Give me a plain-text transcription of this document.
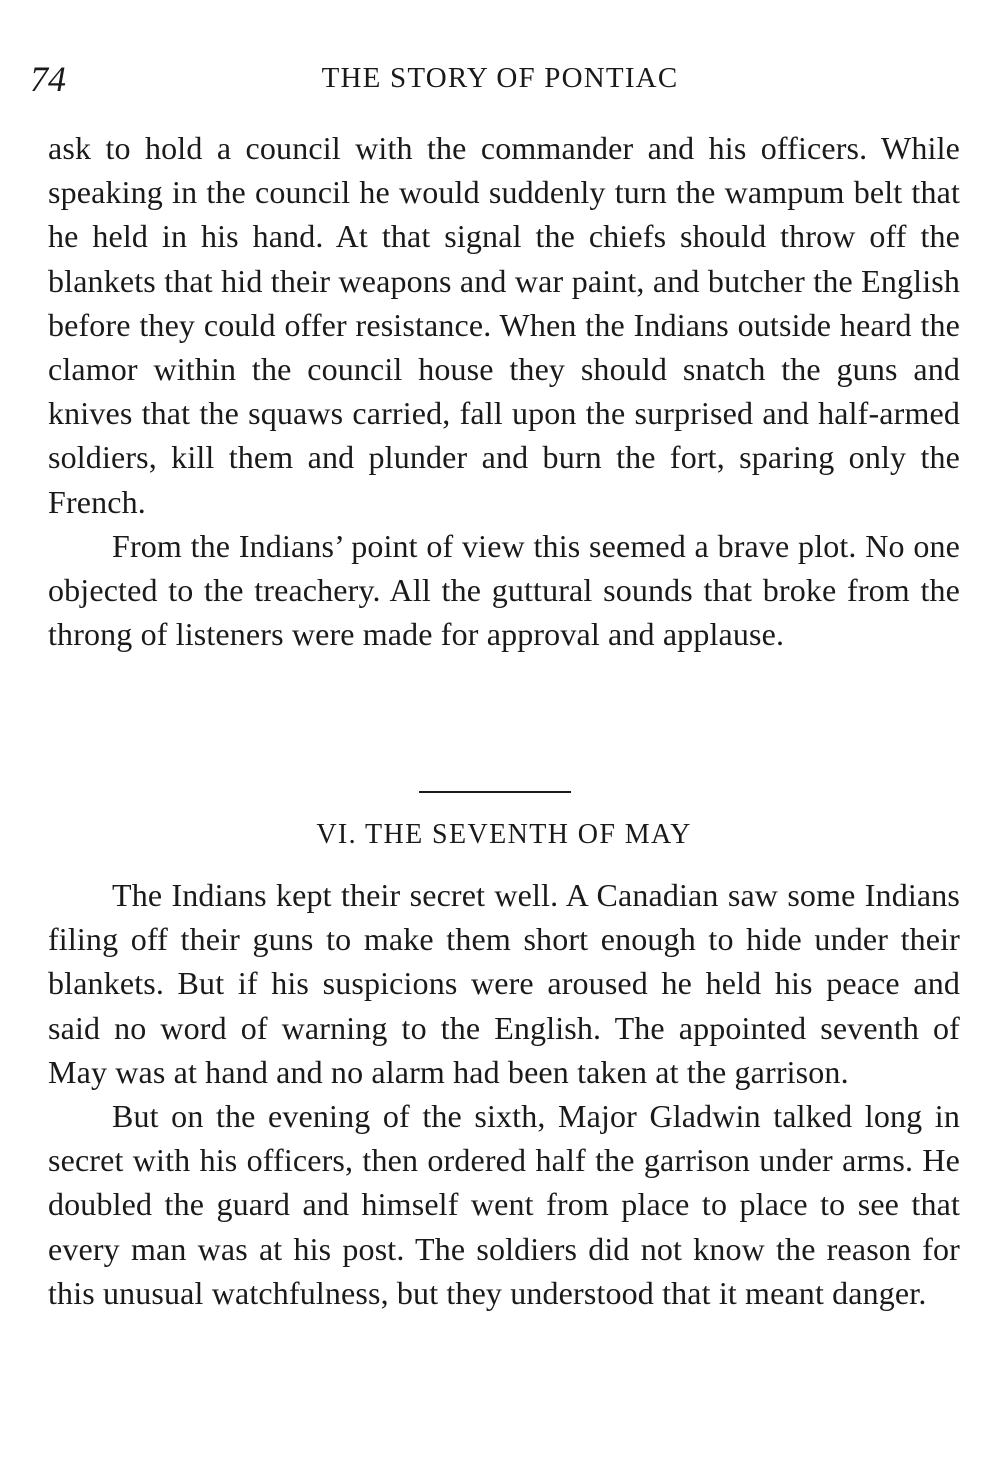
74	THE STORY OF PONTIAC

ask to hold a council with the commander and his officers. While speaking in the council he would suddenly turn the wampum belt that he held in his hand. At that signal the chiefs should throw off the blankets that hid their weapons and war paint, and butcher the English before they could offer resistance. When the Indians outside heard the clamor within the council house they should snatch the guns and knives that the squaws carried, fall upon the surprised and half-armed soldiers, kill them and plunder and burn the fort, sparing only the French.

From the Indians’ point of view this seemed a brave plot. No one objected to the treachery. All the guttural sounds that broke from the throng of listeners were made for approval and applause.

VI. THE SEVENTH OF MAY

The Indians kept their secret well. A Canadian saw some Indians filing off their guns to make them short enough to hide under their blankets. But if his suspicions were aroused he held his peace and said no word of warning to the English. The appointed seventh of May was at hand and no alarm had been taken at the garrison.

But on the evening of the sixth, Major Gladwin talked long in secret with his officers, then ordered half the garrison under arms. He doubled the guard and himself went from place to place to see that every man was at his post. The soldiers did not know the reason for this unusual watchfulness, but they understood that it meant danger.
